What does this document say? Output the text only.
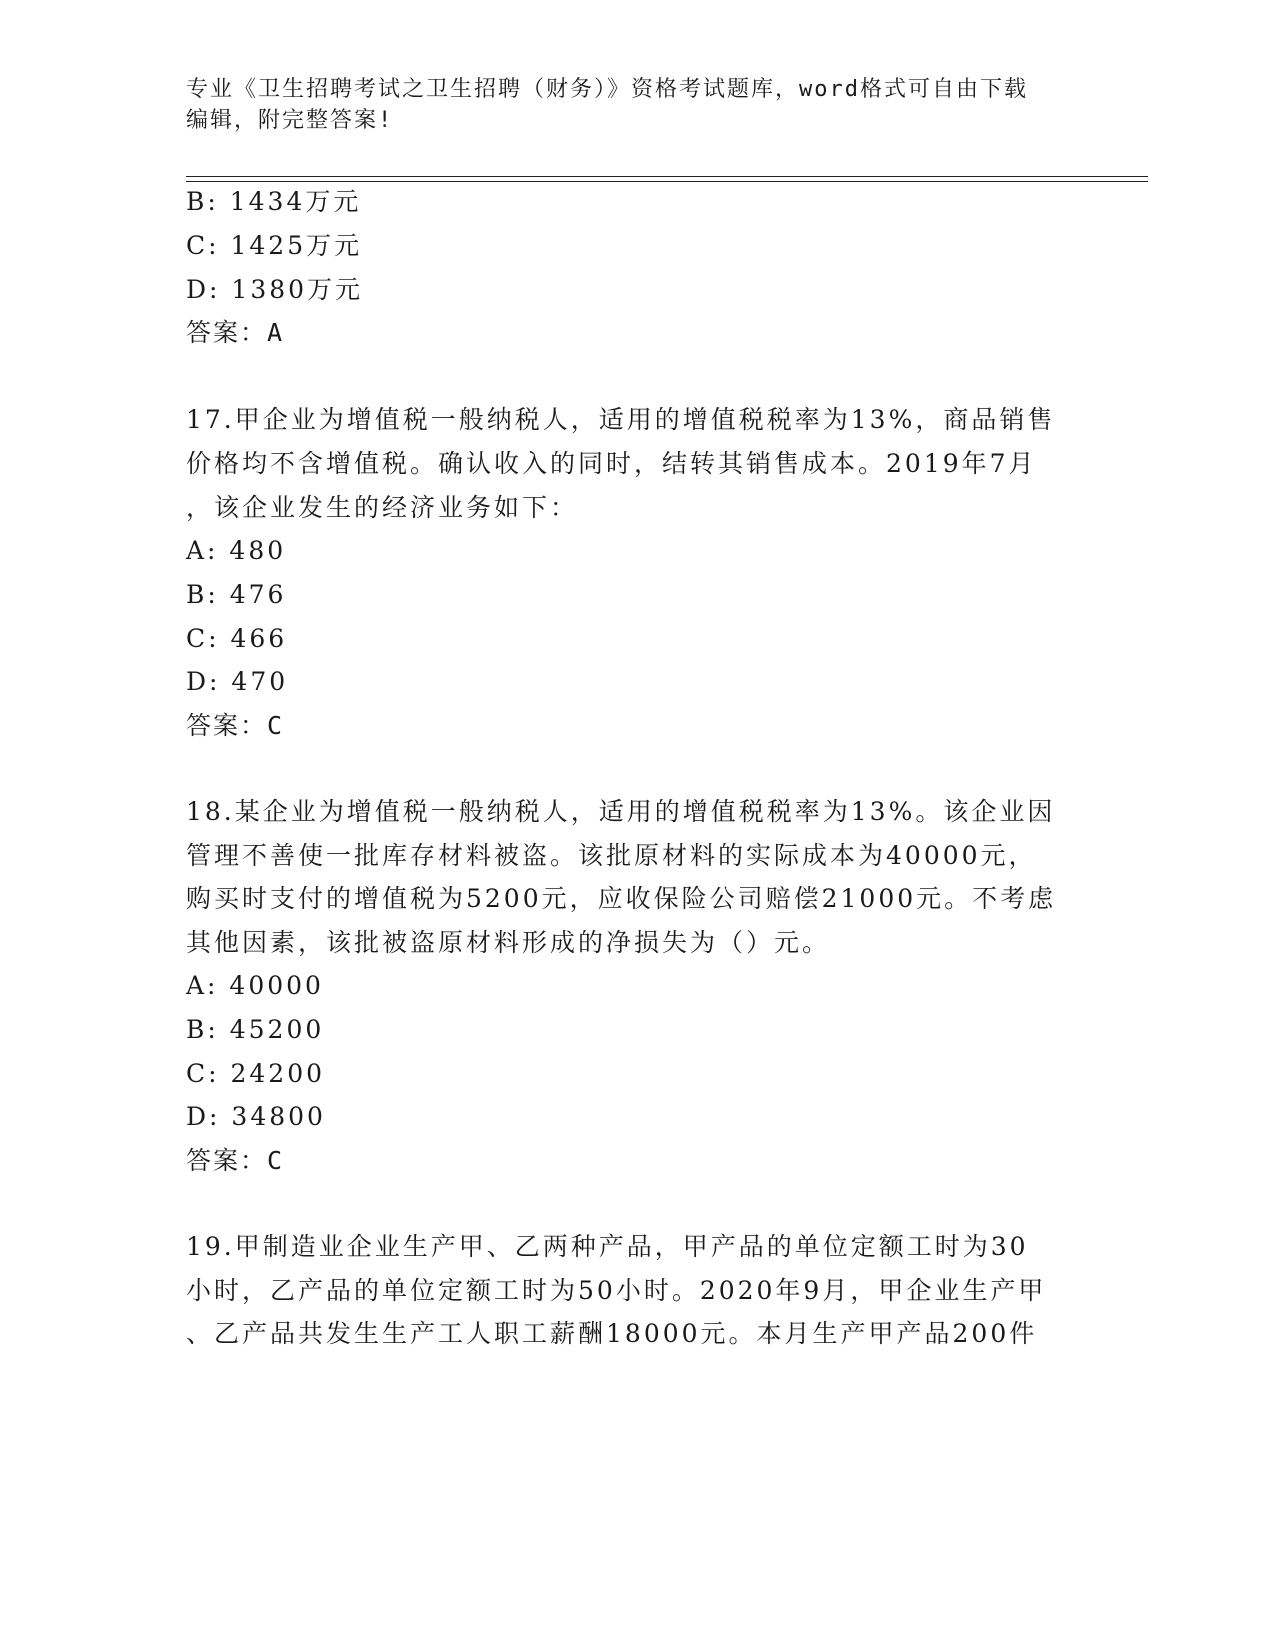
专业《卫生招聘考试之卫生招聘（财务）》资格考试题库，word格式可自由下载
编辑，附完整答案!
B: 1434万元
C: 1425万元
D: 1380万元
答案：A
17.甲企业为增值税一般纳税人，适用的增值税税率为13%，商品销售
价格均不含增值税。确认收入的同时，结转其销售成本。2019年7月
，该企业发生的经济业务如下：
A: 480
B: 476
C: 466
D: 470
答案：C
18.某企业为增值税一般纳税人，适用的增值税税率为13%。该企业因
管理不善使一批库存材料被盗。该批原材料的实际成本为40000元，
购买时支付的增值税为5200元，应收保险公司赔偿21000元。不考虑
其他因素，该批被盗原材料形成的净损失为（）元。
A: 40000
B: 45200
C: 24200
D: 34800
答案：C
19.甲制造业企业生产甲、乙两种产品，甲产品的单位定额工时为30
小时，乙产品的单位定额工时为50小时。2020年9月，甲企业生产甲
、乙产品共发生生产工人职工薪酬18000元。本月生产甲产品200件
